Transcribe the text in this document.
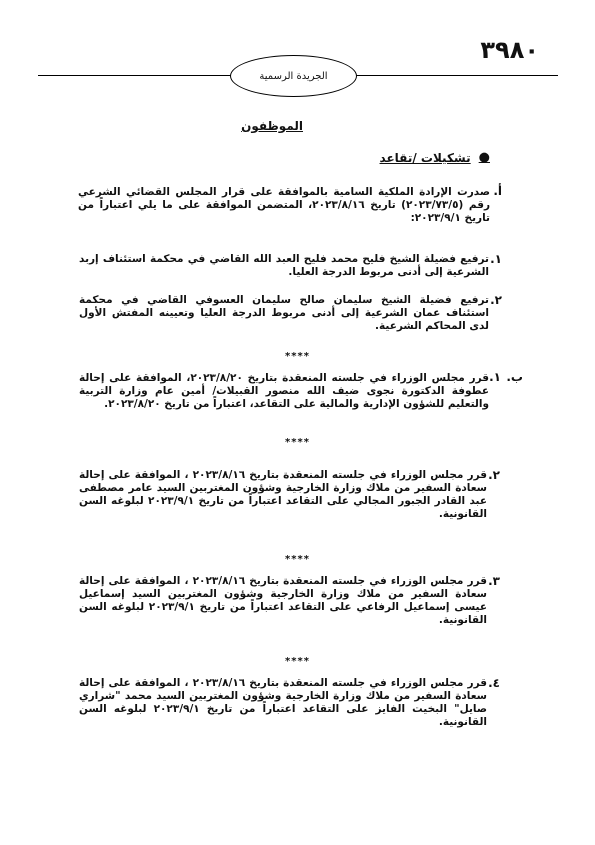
٣٩٨٠
الجريدة الرسمية
الموظفون
●
تشكيلات /تقاعد
أ.
صدرت الإرادة الملكية السامية بالموافقة على قرار المجلس القضائي الشرعي رقم (٢٠٢٣/٧٣/٥) تاريخ ٢٠٢٣/٨/١٦، المتضمن الموافقة على ما يلي اعتباراً من تاريخ ٢٠٢٣/٩/١:
١.
ترفيع فضيلة الشيخ فليح محمد فليح العبد الله القاضي في محكمة استئناف إربد الشرعية إلى أدنى مربوط الدرجة العليا.
٢.
ترفيع فضيلة الشيخ سليمان صالح سليمان العسوفي القاضي في محكمة استئناف عمان الشرعية إلى أدنى مربوط الدرجة العليا وتعيينه المفتش الأول لدى المحاكم الشرعية.
****
ب.
١.
قرر مجلس الوزراء في جلسته المنعقدة بتاريخ ٢٠٢٣/٨/٢٠، الموافقة على إحالة عطوفة الدكتورة نجوى ضيف الله منصور القبيلات/ أمين عام وزارة التربية والتعليم للشؤون الإدارية والمالية على التقاعد، اعتباراً من تاريخ ٢٠٢٣/٨/٢٠.
****
٢.
قرر مجلس الوزراء في جلسته المنعقدة بتاريخ ٢٠٢٣/٨/١٦ ، الموافقة على إحالة سعادة السفير من ملاك وزارة الخارجية وشؤون المغتربين السيد عامر مصطفى عبد القادر الجبور المجالي على التقاعد اعتباراً من تاريخ ٢٠٢٣/٩/١ لبلوغه السن القانونية.
****
٣.
قرر مجلس الوزراء في جلسته المنعقدة بتاريخ ٢٠٢٣/٨/١٦ ، الموافقة على إحالة سعادة السفير من ملاك وزارة الخارجية وشؤون المغتربين السيد إسماعيل عيسى إسماعيل الرفاعي على التقاعد اعتباراً من تاريخ ٢٠٢٣/٩/١ لبلوغه السن القانونية.
****
٤.
قرر مجلس الوزراء في جلسته المنعقدة بتاريخ ٢٠٢٣/٨/١٦ ، الموافقة على إحالة سعادة السفير من ملاك وزارة الخارجية وشؤون المغتربين السيد محمد "شراري صايل" البخيت الفايز على التقاعد اعتباراً من تاريخ ٢٠٢٣/٩/١ لبلوغه السن القانونية.
